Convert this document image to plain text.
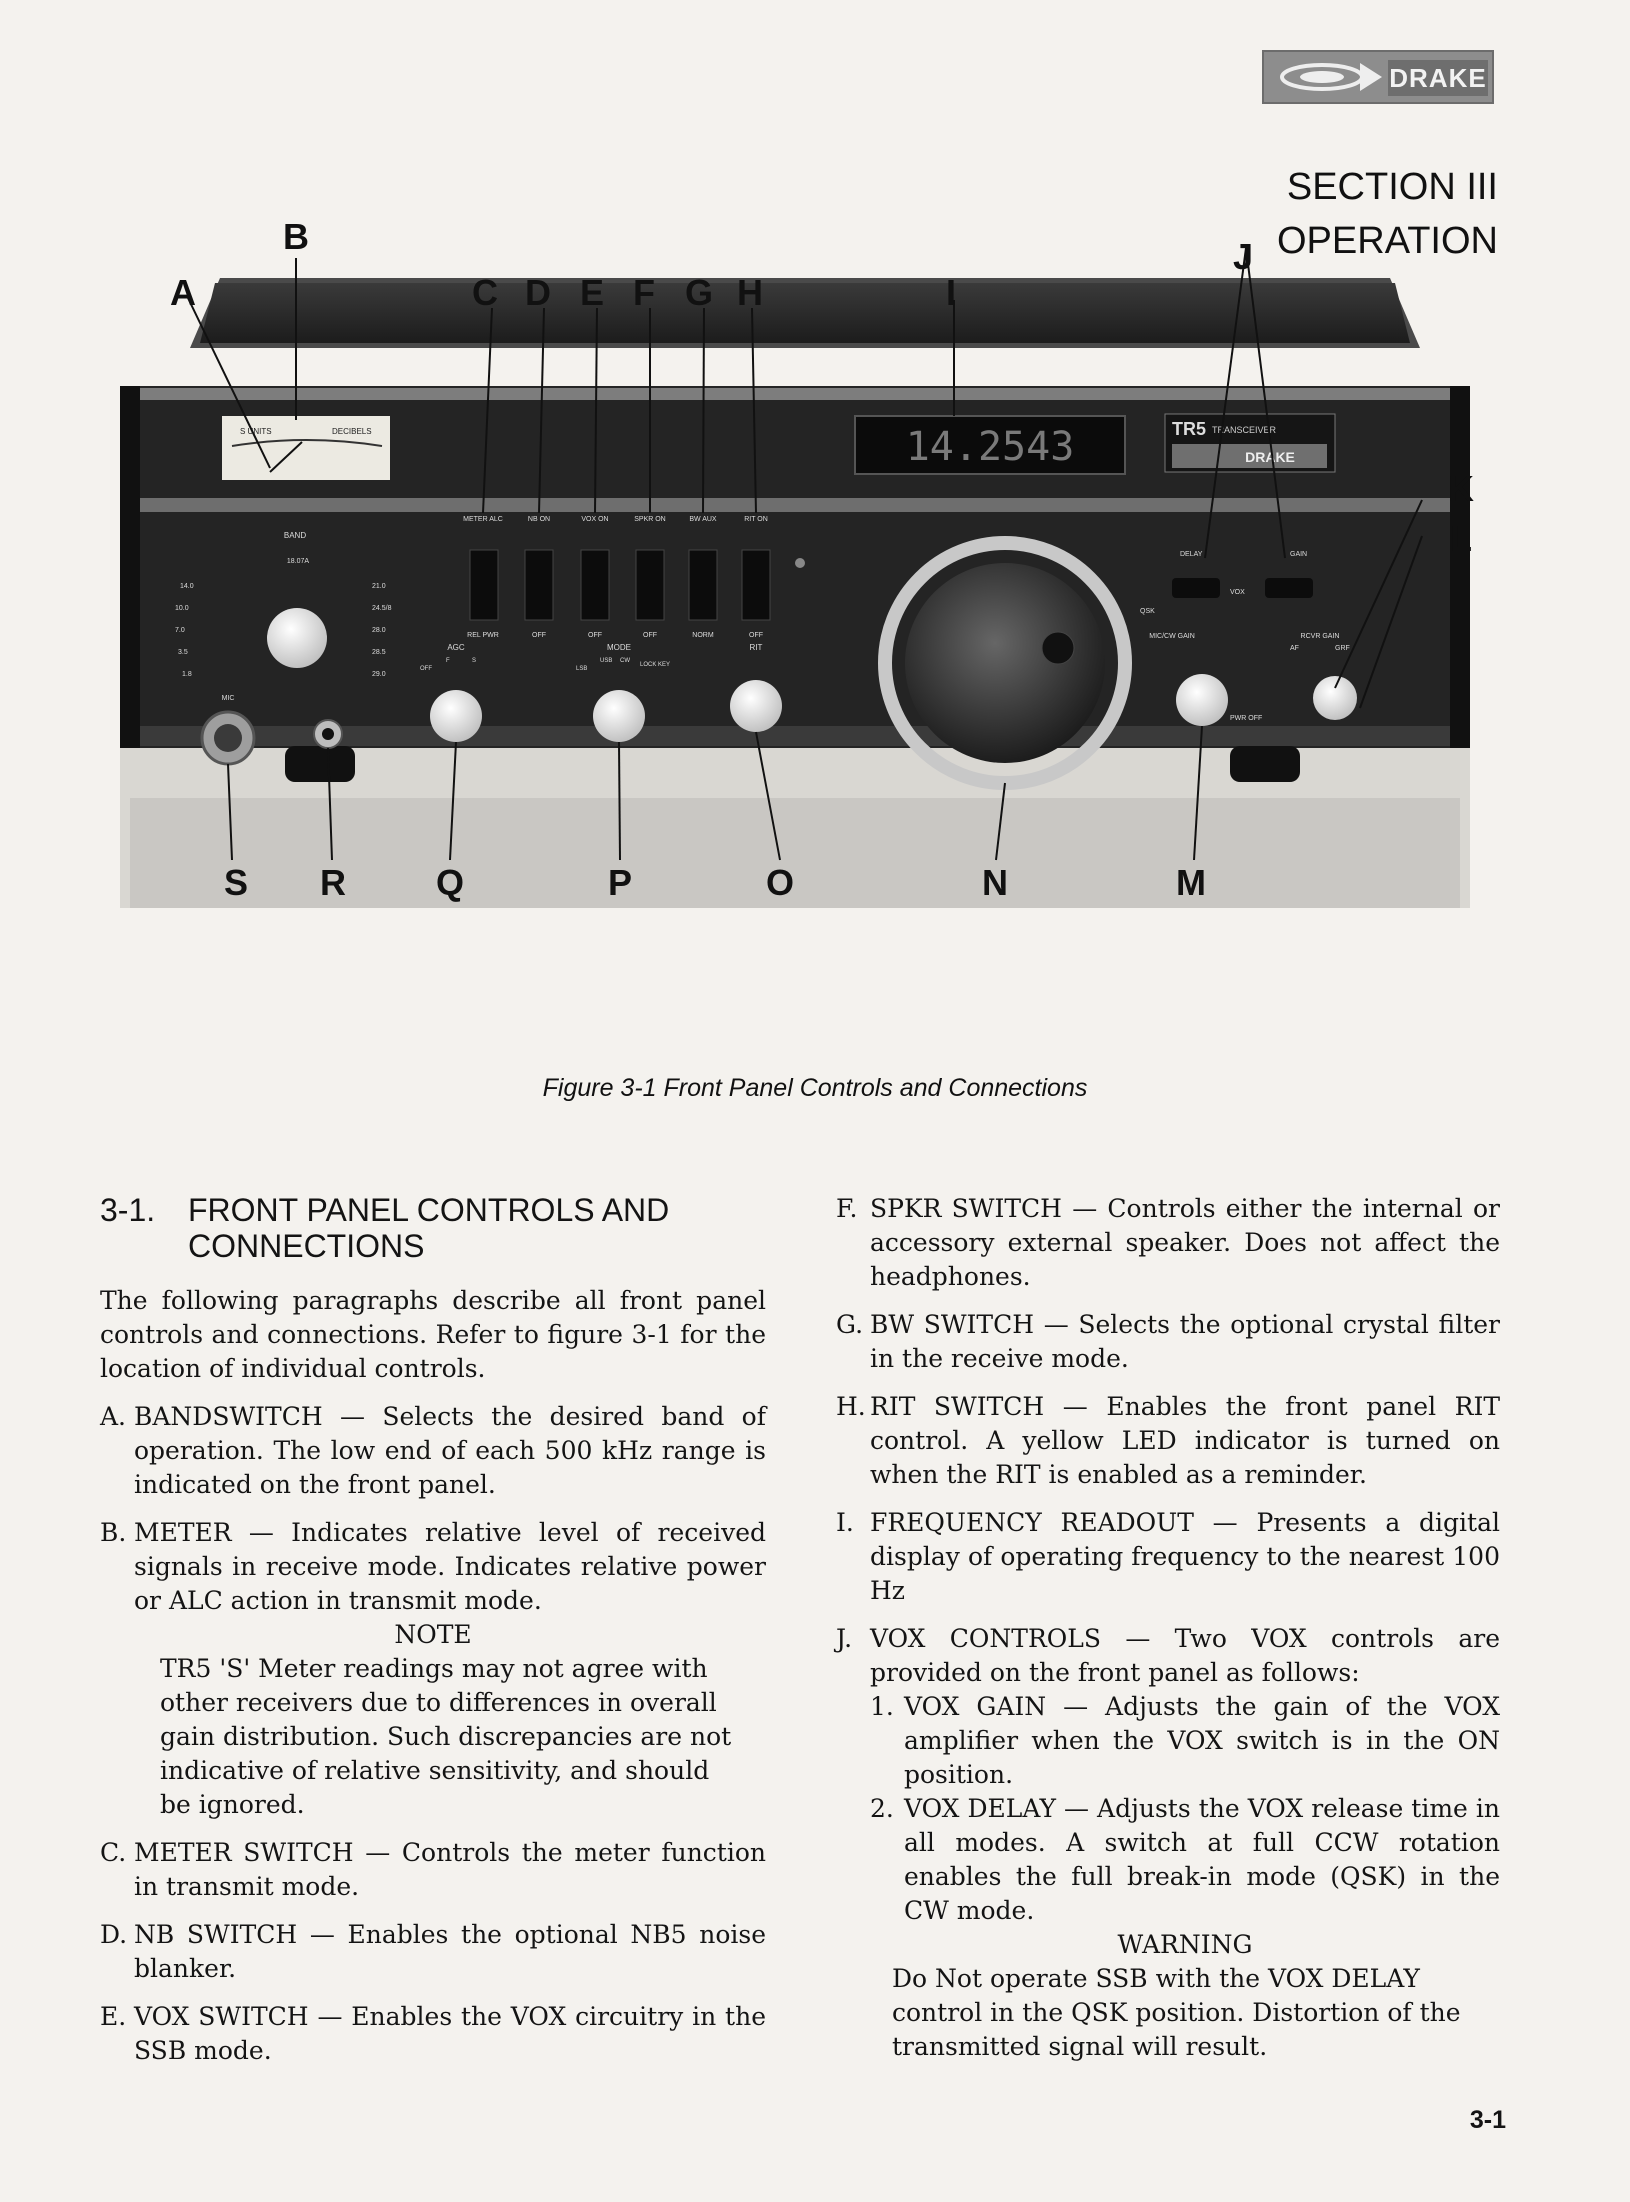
DRAKE
SECTION III
OPERATION
S UNITS	DECIBELS	14.2543	TR5 TRANSCEIVER
DRAKE
BAND
18.07A
14.0
10.0
7.0
3.5
1.8
21.0
24.5/8
28.0
28.5
29.0
METER ALC	NB ON	VOX ON	SPKR ON	BW AUX	RIT ON
REL PWR	OFF	OFF	OFF	NORM	OFF
AGC
OFF
F	S
MODE
LSB
USB CW
LOCK KEY
RIT
DELAY
VOX
GAIN
QSK
MIC/CW GAIN	RCVR GAIN
AF	GRF
PWR OFF
MIC
A
B
C D E F G H	I
J
K
L
M
N
O
P
Q
R
S
Figure 3-1 Front Panel Controls and Connections
3-1.	FRONT PANEL CONTROLS AND CONNECTIONS

The following paragraphs describe all front panel controls and connections. Refer to figure 3-1 for the location of individual controls.

A. BANDSWITCH — Selects the desired band of operation. The low end of each 500 kHz range is indicated on the front panel.
B. METER — Indicates relative level of received signals in receive mode. Indicates relative power or ALC action in transmit mode.

NOTE

TR5 'S' Meter readings may not agree with other receivers due to differences in overall gain distribution. Such discrepancies are not indicative of relative sensitivity, and should be ignored.

C. METER SWITCH — Controls the meter function in transmit mode.
D. NB SWITCH — Enables the optional NB5 noise blanker.
E. VOX SWITCH — Enables the VOX circuitry in the SSB mode.
F. SPKR SWITCH — Controls either the internal or accessory external speaker. Does not affect the headphones.
G. BW SWITCH — Selects the optional crystal filter in the receive mode.
H. RIT SWITCH — Enables the front panel RIT control. A yellow LED indicator is turned on when the RIT is enabled as a reminder.
I. FREQUENCY READOUT — Presents a digital display of operating frequency to the nearest 100 Hz
J. VOX CONTROLS — Two VOX controls are provided on the front panel as follows:
1. VOX GAIN — Adjusts the gain of the VOX amplifier when the VOX switch is in the ON position.
2. VOX DELAY — Adjusts the VOX release time in all modes. A switch at full CCW rotation enables the full break-in mode (QSK) in the CW mode.

WARNING

Do Not operate SSB with the VOX DELAY control in the QSK position. Distortion of the transmitted signal will result.

3-1
